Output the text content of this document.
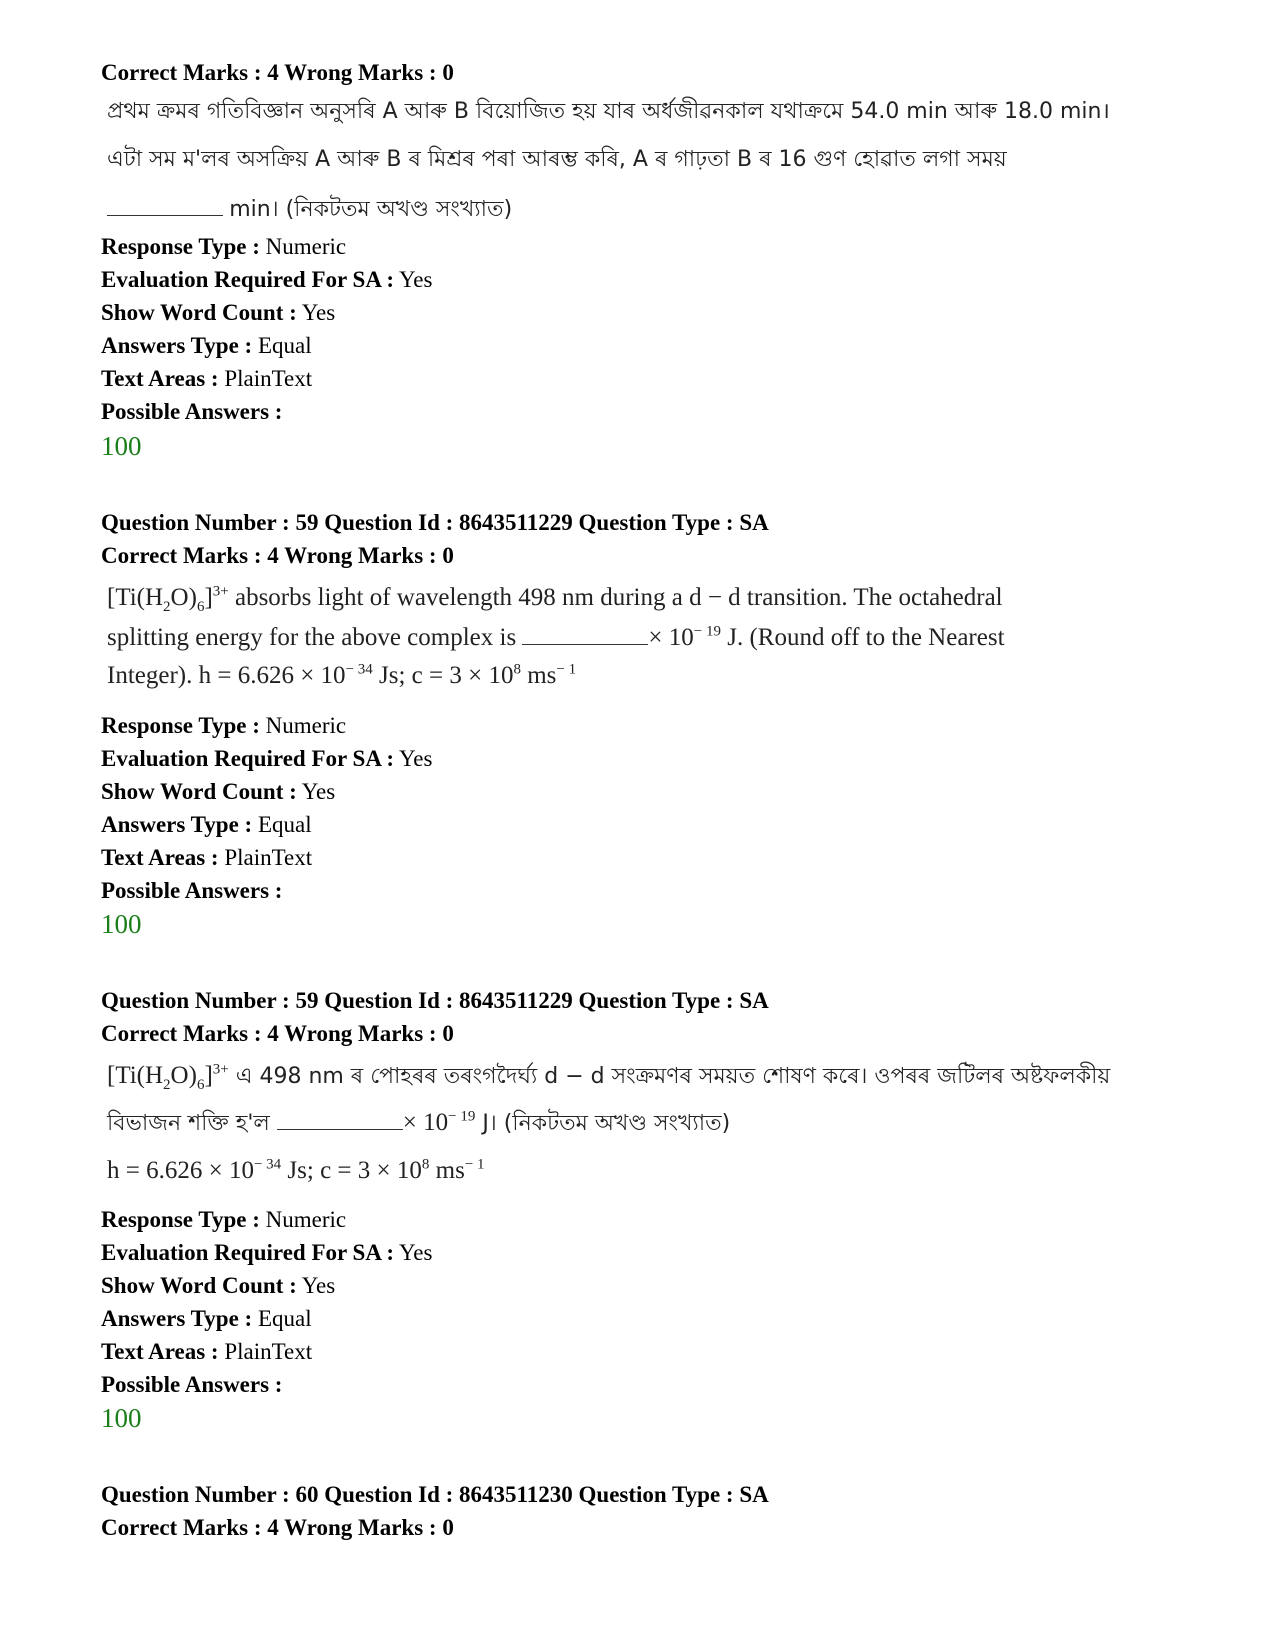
Correct Marks : 4 Wrong Marks : 0
প্ৰথম ক্ৰমৰ গতিবিজ্ঞান অনুসৰি A আৰু B বিয়োজিত হয় যাৰ অৰ্ধজীৱনকাল যথাক্ৰমে 54.0 min আৰু 18.0 min।
এটা সম ম'লৰ অসক্ৰিয় A আৰু B ৰ মিশ্ৰৰ পৰা আৰম্ভ কৰি, A ৰ গাঢ়তা B ৰ 16 গুণ হোৱাত লগা সময়
min। (নিকটতম অখণ্ড সংখ্যাত)
Response Type : Numeric
Evaluation Required For SA : Yes
Show Word Count : Yes
Answers Type : Equal
Text Areas : PlainText
Possible Answers :
100
Question Number : 59 Question Id : 8643511229 Question Type : SA
Correct Marks : 4 Wrong Marks : 0
$[Ti(H_2O)_6]^{3+}$ absorbs light of wavelength 498 nm during a d − d transition. The octahedral
splitting energy for the above complex is	× $10^{- 19}$ J. (Round off to the Nearest
Integer). $h = 6.626 \times 10^{- 34}$ Js; $c = 3 \times 10^8$ $ms^{- 1}$
Response Type : Numeric
Evaluation Required For SA : Yes
Show Word Count : Yes
Answers Type : Equal
Text Areas : PlainText
Possible Answers :
100
Question Number : 59 Question Id : 8643511229 Question Type : SA
Correct Marks : 4 Wrong Marks : 0
$[Ti(H_2O)_6]^{3+}$ এ 498 nm ৰ পোহৰৰ তৰংগদৈৰ্ঘ্য d − d সংক্ৰমণৰ সময়ত শোষণ কৰে। ওপৰৰ জটিলৰ অষ্টফলকীয়
বিভাজন শক্তি হ'ল	× $10^{- 19}$ J। (নিকটতম অখণ্ড সংখ্যাত)
$h = 6.626 \times 10^{- 34}$ Js; $c = 3 \times 10^8$ $ms^{- 1}$
Response Type : Numeric
Evaluation Required For SA : Yes
Show Word Count : Yes
Answers Type : Equal
Text Areas : PlainText
Possible Answers :
100
Question Number : 60 Question Id : 8643511230 Question Type : SA
Correct Marks : 4 Wrong Marks : 0
